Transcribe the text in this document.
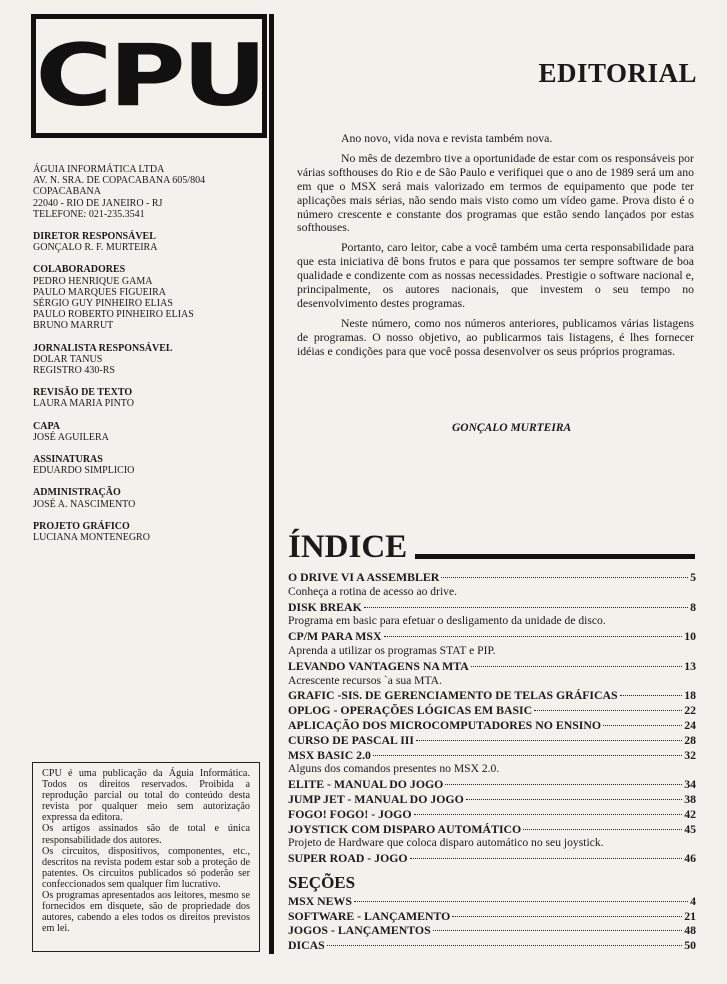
CPU
ÁGUIA INFORMÁTICA LTDA
AV. N. SRA. DE COPACABANA 605/804
COPACABANA
22040 - RIO DE JANEIRO - RJ
TELEFONE: 021-235.3541
DIRETOR RESPONSÁVEL
GONÇALO R. F. MURTEIRA
COLABORADORES
PEDRO HENRIQUE GAMA
PAULO MARQUES FIGUEIRA
SÉRGIO GUY PINHEIRO ELIAS
PAULO ROBERTO PINHEIRO ELIAS
BRUNO MARRUT
JORNALISTA RESPONSÁVEL
DOLAR TANUS
REGISTRO 430-RS
REVISÃO DE TEXTO
LAURA MARIA PINTO
CAPA
JOSÉ AGUILERA
ASSINATURAS
EDUARDO SIMPLICIO
ADMINISTRAÇÃO
JOSÉ A. NASCIMENTO
PROJETO GRÁFICO
LUCIANA MONTENEGRO
CPU é uma publicação da Águia Informática. Todos os direitos reservados. Proibida a reprodução parcial ou total do conteúdo desta revista por qualquer meio sem autorização expressa da editora.
Os artigos assinados são de total e única responsabilidade dos autores.
Os circuitos, dispositivos, componentes, etc., descritos na revista podem estar sob a proteção de patentes. Os circuitos publicados só poderão ser confeccionados sem qualquer fim lucrativo.
Os programas apresentados aos leitores, mesmo se fornecidos em disquete, são de propriedade dos autores, cabendo a eles todos os direitos previstos em lei.
EDITORIAL

Ano novo, vida nova e revista também nova.

No mês de dezembro tive a oportunidade de estar com os responsáveis por várias softhouses do Rio e de São Paulo e verifiquei que o ano de 1989 será um ano em que o MSX será mais valorizado em termos de equipamento que pode ter aplicações mais sérias, não sendo mais visto como um vídeo game. Prova disto é o número crescente e constante dos programas que estão sendo lançados por estas softhouses.

Portanto, caro leitor, cabe a você também uma certa responsabilidade para que esta iniciativa dê bons frutos e para que possamos ter sempre software de boa qualidade e condizente com as nossas necessidades. Prestigie o software nacional e, principalmente, os autores nacionais, que investem o seu tempo no desenvolvimento destes programas.

Neste número, como nos números anteriores, publicamos várias listagens de programas. O nosso objetivo, ao publicarmos tais listagens, é lhes fornecer idéias e condições para que você possa desenvolver os seus próprios programas.

GONÇALO MURTEIRA
ÍNDICE
O DRIVE VI A ASSEMBLER	5
Conheça a rotina de acesso ao drive.
DISK BREAK	8
Programa em basic para efetuar o desligamento da unidade de disco.
CP/M PARA MSX	10
Aprenda a utilizar os programas STAT e PIP.
LEVANDO VANTAGENS NA MTA	13
Acrescente recursos `a sua MTA.
GRAFIC -SIS. DE GERENCIAMENTO DE TELAS GRÁFICAS	18
OPLOG - OPERAÇÕES LÓGICAS EM BASIC	22
APLICAÇÃO DOS MICROCOMPUTADORES NO ENSINO	24
CURSO DE PASCAL III	28
MSX BASIC 2.0	32
Alguns dos comandos presentes no MSX 2.0.
ELITE - MANUAL DO JOGO	34
JUMP JET - MANUAL DO JOGO	38
FOGO! FOGO! - JOGO	42
JOYSTICK COM DISPARO AUTOMÁTICO	45
Projeto de Hardware que coloca disparo automático no seu joystick.
SUPER ROAD - JOGO	46
SEÇÕES
MSX NEWS	4
SOFTWARE - LANÇAMENTO	21
JOGOS - LANÇAMENTOS	48
DICAS	50
